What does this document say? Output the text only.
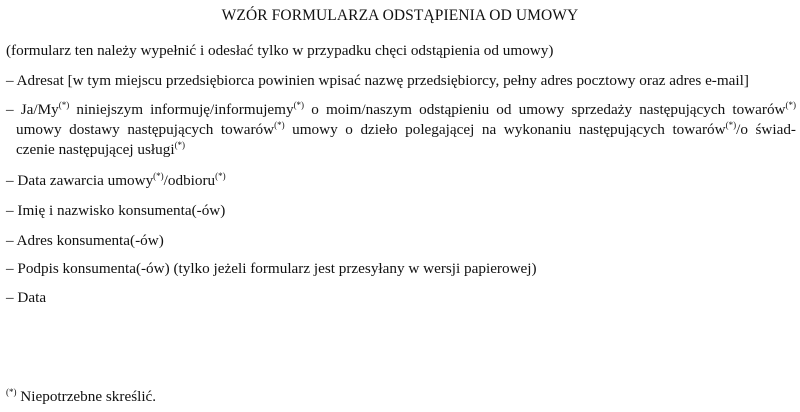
WZÓR FORMULARZA ODSTĄPIENIA OD UMOWY
(formularz ten należy wypełnić i odesłać tylko w przypadku chęci odstąpienia od umowy)
– Adresat [w tym miejscu przedsiębiorca powinien wpisać nazwę przedsiębiorcy, pełny adres pocztowy oraz adres e-mail]
– Ja/My(*) niniejszym informuję/informujemy(*) o moim/naszym odstąpieniu od umowy sprzedaży następujących towarów(*)
umowy dostawy następujących towarów(*) umowy o dzieło polegającej na wykonaniu następujących towarów(*)/o świad-
czenie następującej usługi(*)
– Data zawarcia umowy(*)/odbioru(*)
– Imię i nazwisko konsumenta(-ów)
– Adres konsumenta(-ów)
– Podpis konsumenta(-ów) (tylko jeżeli formularz jest przesyłany w wersji papierowej)
– Data
(*) Niepotrzebne skreślić.
